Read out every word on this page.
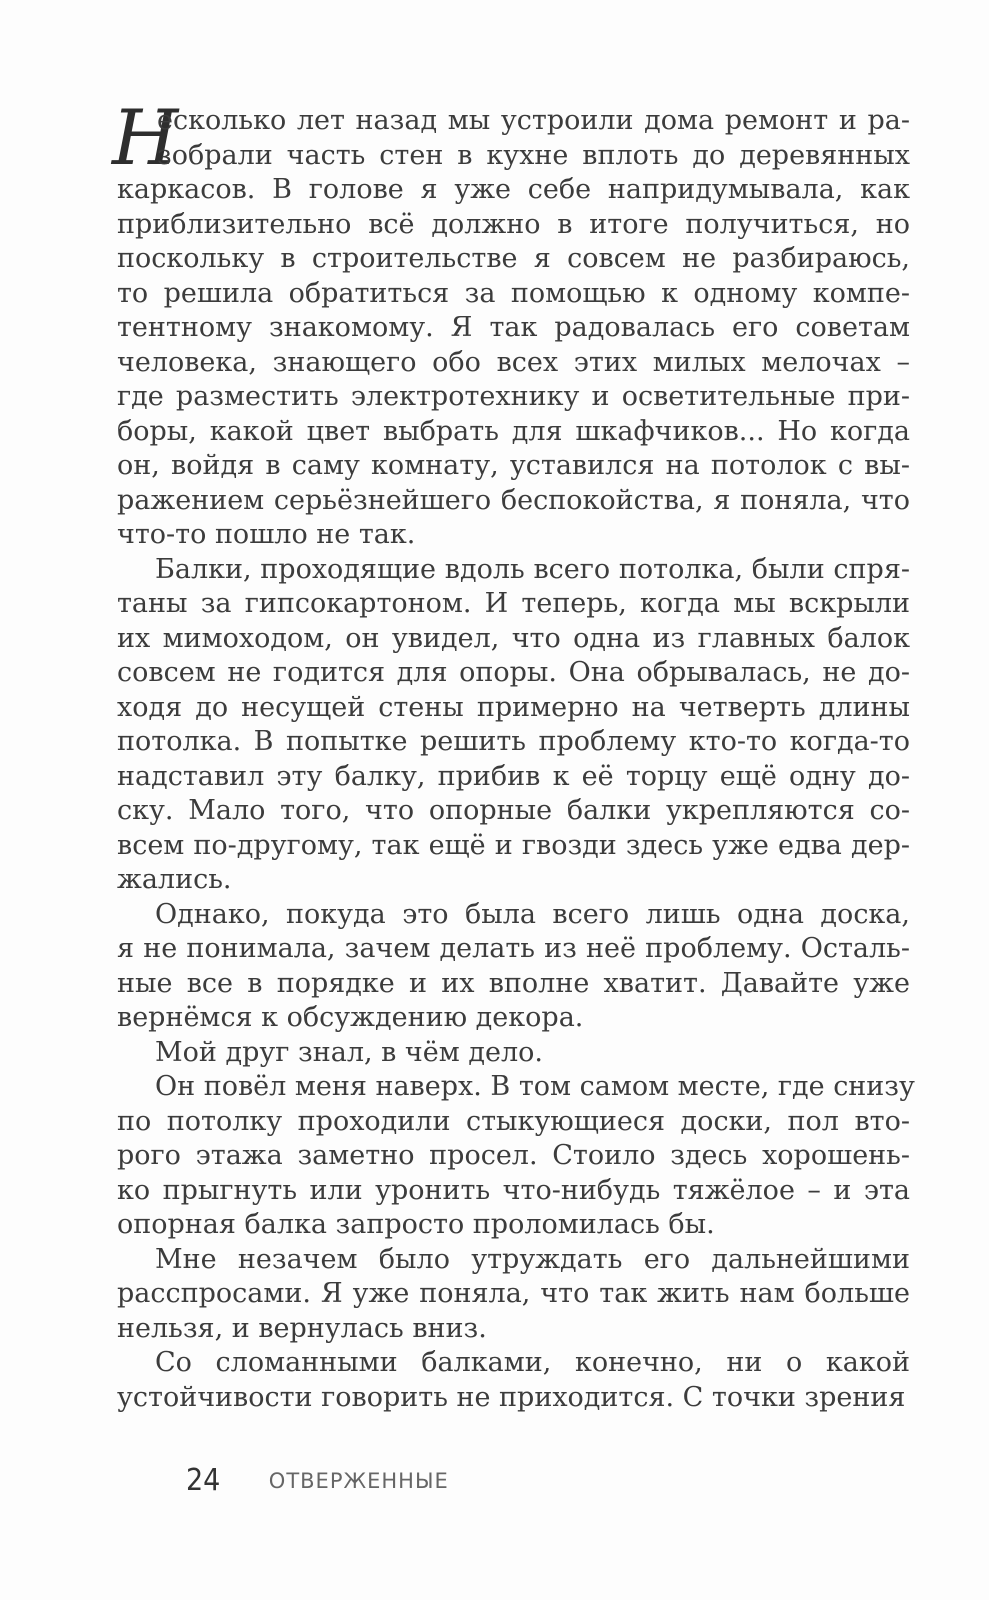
Н
есколько лет назад мы устроили дома ремонт и ра-
зобрали часть стен в кухне вплоть до деревянных
каркасов. В голове я уже себе напридумывала, как
приблизительно всё должно в итоге получиться, но
поскольку в строительстве я совсем не разбираюсь,
то решила обратиться за помощью к одному компе-
тентному знакомому. Я так радовалась его советам
человека, знающего обо всех этих милых мелочах –
где разместить электротехнику и осветительные при-
боры, какой цвет выбрать для шкафчиков... Но когда
он, войдя в саму комнату, уставился на потолок с вы-
ражением серьёзнейшего беспокойства, я поняла, что
что-то пошло не так.
Балки, проходящие вдоль всего потолка, были спря-
таны за гипсокартоном. И теперь, когда мы вскрыли
их мимоходом, он увидел, что одна из главных балок
совсем не годится для опоры. Она обрывалась, не до-
ходя до несущей стены примерно на четверть длины
потолка. В попытке решить проблему кто-то когда-то
надставил эту балку, прибив к её торцу ещё одну до-
ску. Мало того, что опорные балки укрепляются со-
всем по-другому, так ещё и гвозди здесь уже едва дер-
жались.
Однако, покуда это была всего лишь одна доска,
я не понимала, зачем делать из неё проблему. Осталь-
ные все в порядке и их вполне хватит. Давайте уже
вернёмся к обсуждению декора.
Мой друг знал, в чём дело.
Он повёл меня наверх. В том самом месте, где снизу
по потолку проходили стыкующиеся доски, пол вто-
рого этажа заметно просел. Стоило здесь хорошень-
ко прыгнуть или уронить что-нибудь тяжёлое – и эта
опорная балка запросто проломилась бы.
Мне незачем было утруждать его дальнейшими
расспросами. Я уже поняла, что так жить нам больше
нельзя, и вернулась вниз.
Со сломанными балками, конечно, ни о какой
устойчивости говорить не приходится. С точки зрения
24 ОТВЕРЖЕННЫЕ
